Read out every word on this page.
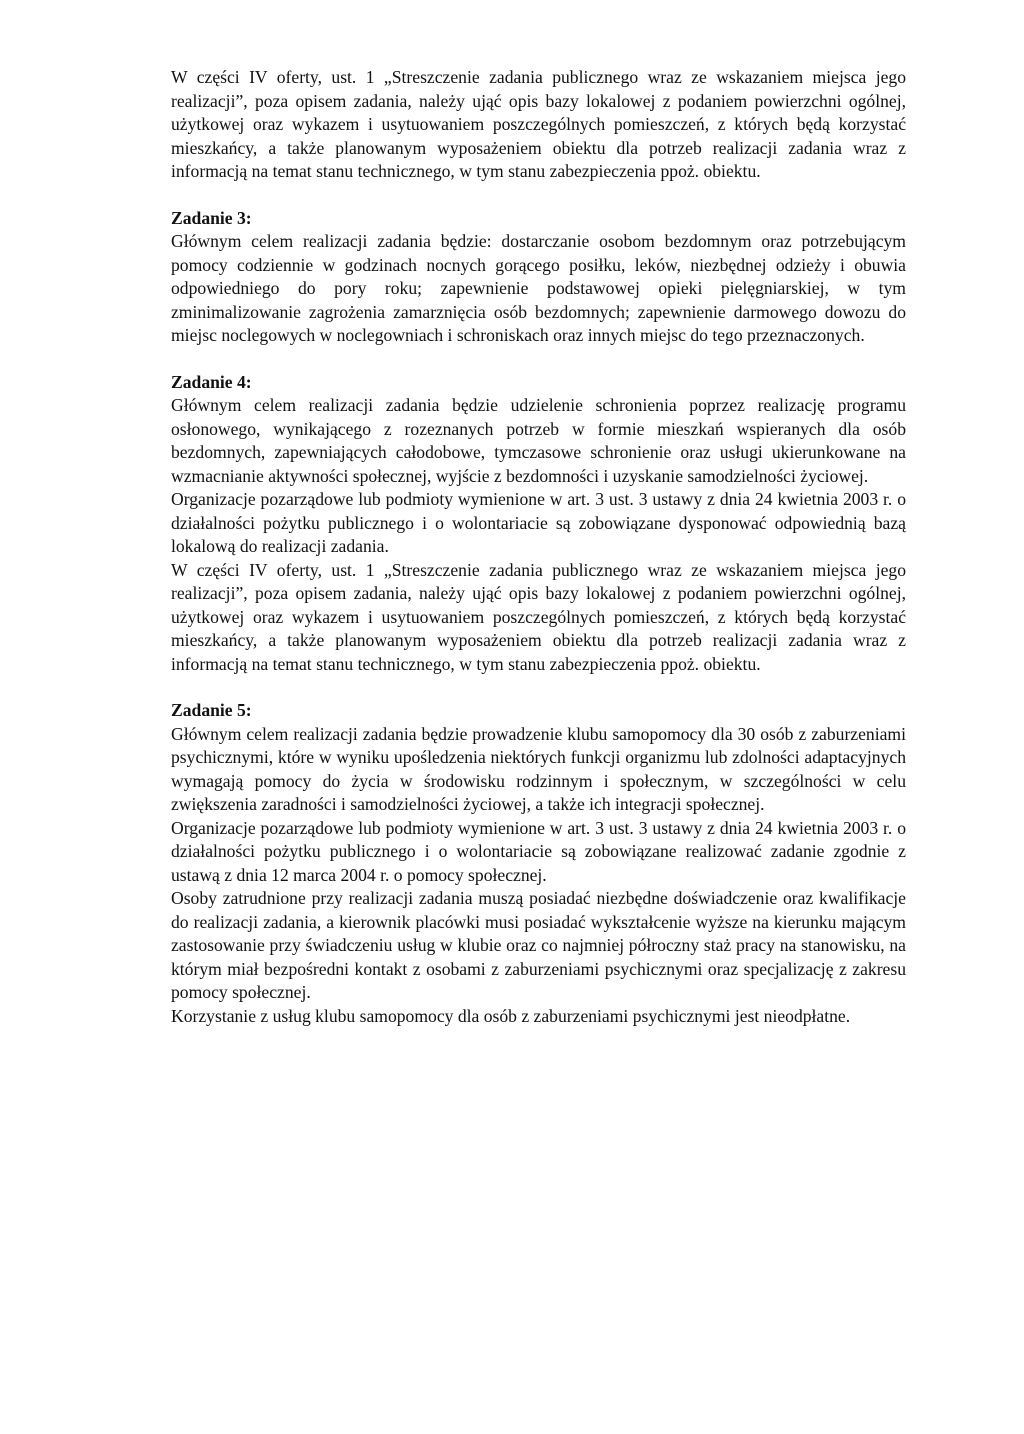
W części IV oferty, ust. 1 „Streszczenie zadania publicznego wraz ze wskazaniem miejsca jego realizacji”, poza opisem zadania, należy ująć opis bazy lokalowej z podaniem powierzchni ogólnej, użytkowej oraz wykazem i usytuowaniem poszczególnych pomieszczeń, z których będą korzystać mieszkańcy, a także planowanym wyposażeniem obiektu dla potrzeb realizacji zadania wraz z informacją na temat stanu technicznego, w tym stanu zabezpieczenia ppoż. obiektu.

Zadanie 3:

Głównym celem realizacji zadania będzie: dostarczanie osobom bezdomnym oraz potrzebującym pomocy codziennie w godzinach nocnych gorącego posiłku, leków, niezbędnej odzieży i obuwia odpowiedniego do pory roku; zapewnienie podstawowej opieki pielęgniarskiej, w tym zminimalizowanie zagrożenia zamarznięcia osób bezdomnych; zapewnienie darmowego dowozu do miejsc noclegowych w noclegowniach i schroniskach oraz innych miejsc do tego przeznaczonych.

Zadanie 4:

Głównym celem realizacji zadania będzie udzielenie schronienia poprzez realizację programu osłonowego, wynikającego z rozeznanych potrzeb w formie mieszkań wspieranych dla osób bezdomnych, zapewniających całodobowe, tymczasowe schronienie oraz usługi ukierunkowane na wzmacnianie aktywności społecznej, wyjście z bezdomności i uzyskanie samodzielności życiowej.

Organizacje pozarządowe lub podmioty wymienione w art. 3 ust. 3 ustawy z dnia 24 kwietnia 2003 r. o działalności pożytku publicznego i o wolontariacie są zobowiązane dysponować odpowiednią bazą lokalową do realizacji zadania.

W części IV oferty, ust. 1 „Streszczenie zadania publicznego wraz ze wskazaniem miejsca jego realizacji”, poza opisem zadania, należy ująć opis bazy lokalowej z podaniem powierzchni ogólnej, użytkowej oraz wykazem i usytuowaniem poszczególnych pomieszczeń, z których będą korzystać mieszkańcy, a także planowanym wyposażeniem obiektu dla potrzeb realizacji zadania wraz z informacją na temat stanu technicznego, w tym stanu zabezpieczenia ppoż. obiektu.

Zadanie 5:

Głównym celem realizacji zadania będzie prowadzenie klubu samopomocy dla 30 osób z zaburzeniami psychicznymi, które w wyniku upośledzenia niektórych funkcji organizmu lub zdolności adaptacyjnych wymagają pomocy do życia w środowisku rodzinnym i społecznym, w szczególności w celu zwiększenia zaradności i samodzielności życiowej, a także ich integracji społecznej.

Organizacje pozarządowe lub podmioty wymienione w art. 3 ust. 3 ustawy z dnia 24 kwietnia 2003 r. o działalności pożytku publicznego i o wolontariacie są zobowiązane realizować zadanie zgodnie z ustawą z dnia 12 marca 2004 r. o pomocy społecznej.

Osoby zatrudnione przy realizacji zadania muszą posiadać niezbędne doświadczenie oraz kwalifikacje do realizacji zadania, a kierownik placówki musi posiadać wykształcenie wyższe na kierunku mającym zastosowanie przy świadczeniu usług w klubie oraz co najmniej półroczny staż pracy na stanowisku, na którym miał bezpośredni kontakt z osobami z zaburzeniami psychicznymi oraz specjalizację z zakresu pomocy społecznej.

Korzystanie z usług klubu samopomocy dla osób z zaburzeniami psychicznymi jest nieodpłatne.
